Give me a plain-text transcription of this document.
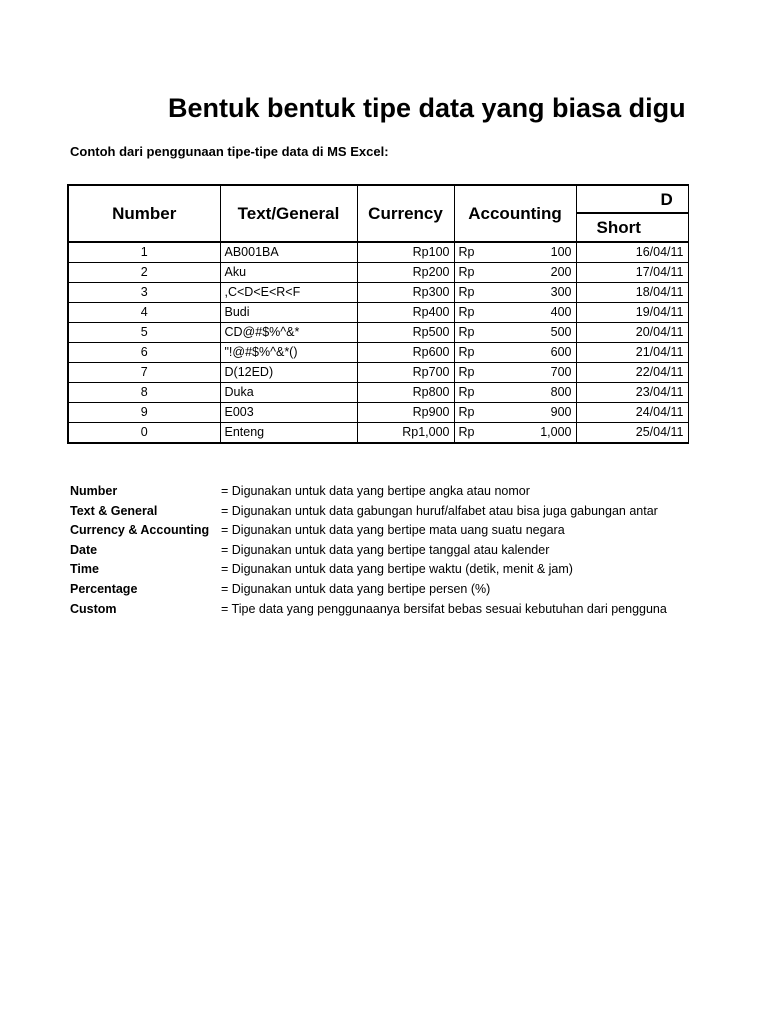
Bentuk bentuk tipe data yang biasa digu
Contoh dari penggunaan tipe-tipe data di MS Excel:
Number	Text/General	Currency	Accounting	D
				Short
1	AB001BA	Rp100	Rp 100	16/04/11
2	Aku	Rp200	Rp 200	17/04/11
3	,C<D<E<R<F	Rp300	Rp 300	18/04/11
4	Budi	Rp400	Rp 400	19/04/11
5	CD@#$%^&*	Rp500	Rp 500	20/04/11
6	"!@#$%^&*()	Rp600	Rp 600	21/04/11
7	D(12ED)	Rp700	Rp 700	22/04/11
8	Duka	Rp800	Rp 800	23/04/11
9	E003	Rp900	Rp 900	24/04/11
0	Enteng	Rp1,000	Rp 1,000	25/04/11
Number	= Digunakan untuk data yang bertipe angka atau nomor
Text & General	= Digunakan untuk data gabungan huruf/alfabet atau bisa juga gabungan antar
Currency & Accounting = Digunakan untuk data yang bertipe mata uang suatu negara
Date	= Digunakan untuk data yang bertipe tanggal atau kalender
Time	= Digunakan untuk data yang bertipe waktu (detik, menit & jam)
Percentage	= Digunakan untuk data yang bertipe persen (%)
Custom	= Tipe data yang penggunaanya bersifat bebas sesuai kebutuhan dari pengguna
